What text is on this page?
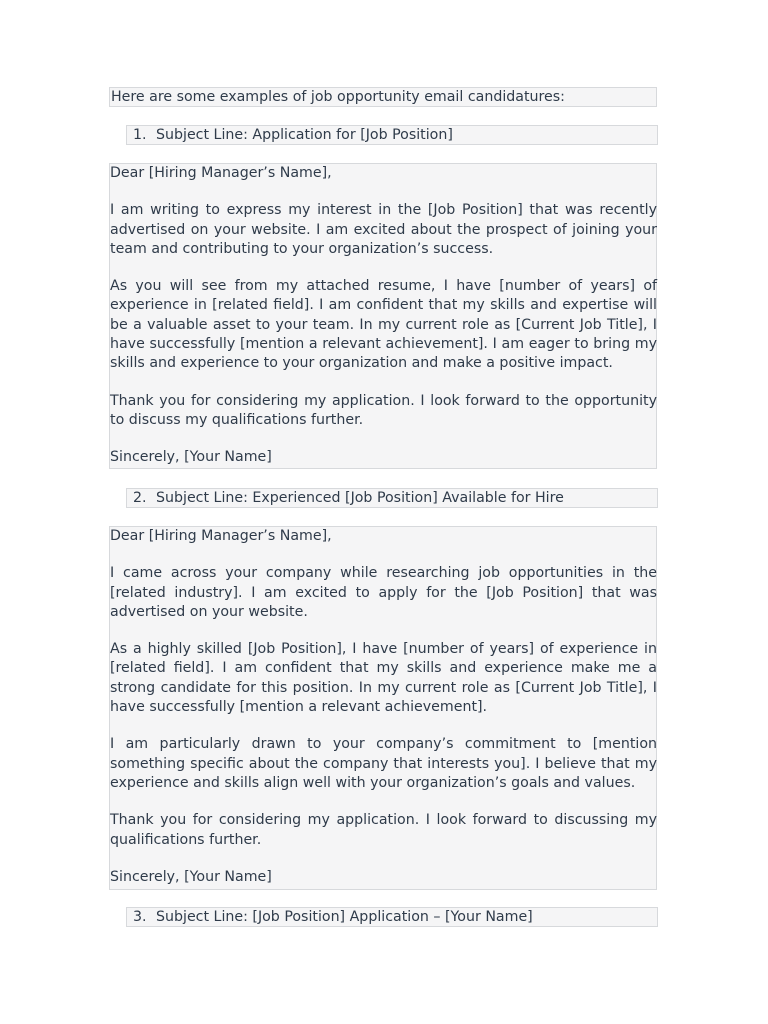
Here are some examples of job opportunity email candidatures:
1. Subject Line: Application for [Job Position]

Dear [Hiring Manager’s Name],

I am writing to express my interest in the [Job Position] that was recently advertised on your website. I am excited about the prospect of joining your team and contributing to your organization’s success.

As you will see from my attached resume, I have [number of years] of experience in [related field]. I am confident that my skills and expertise will be a valuable asset to your team. In my current role as [Current Job Title], I have successfully [mention a relevant achievement]. I am eager to bring my skills and experience to your organization and make a positive impact.

Thank you for considering my application. I look forward to the opportunity to discuss my qualifications further.

Sincerely, [Your Name]

2. Subject Line: Experienced [Job Position] Available for Hire

Dear [Hiring Manager’s Name],

I came across your company while researching job opportunities in the [related industry]. I am excited to apply for the [Job Position] that was advertised on your website.

As a highly skilled [Job Position], I have [number of years] of experience in [related field]. I am confident that my skills and experience make me a strong candidate for this position. In my current role as [Current Job Title], I have successfully [mention a relevant achievement].

I am particularly drawn to your company’s commitment to [mention something specific about the company that interests you]. I believe that my experience and skills align well with your organization’s goals and values.

Thank you for considering my application. I look forward to discussing my qualifications further.

Sincerely, [Your Name]

3. Subject Line: [Job Position] Application – [Your Name]
